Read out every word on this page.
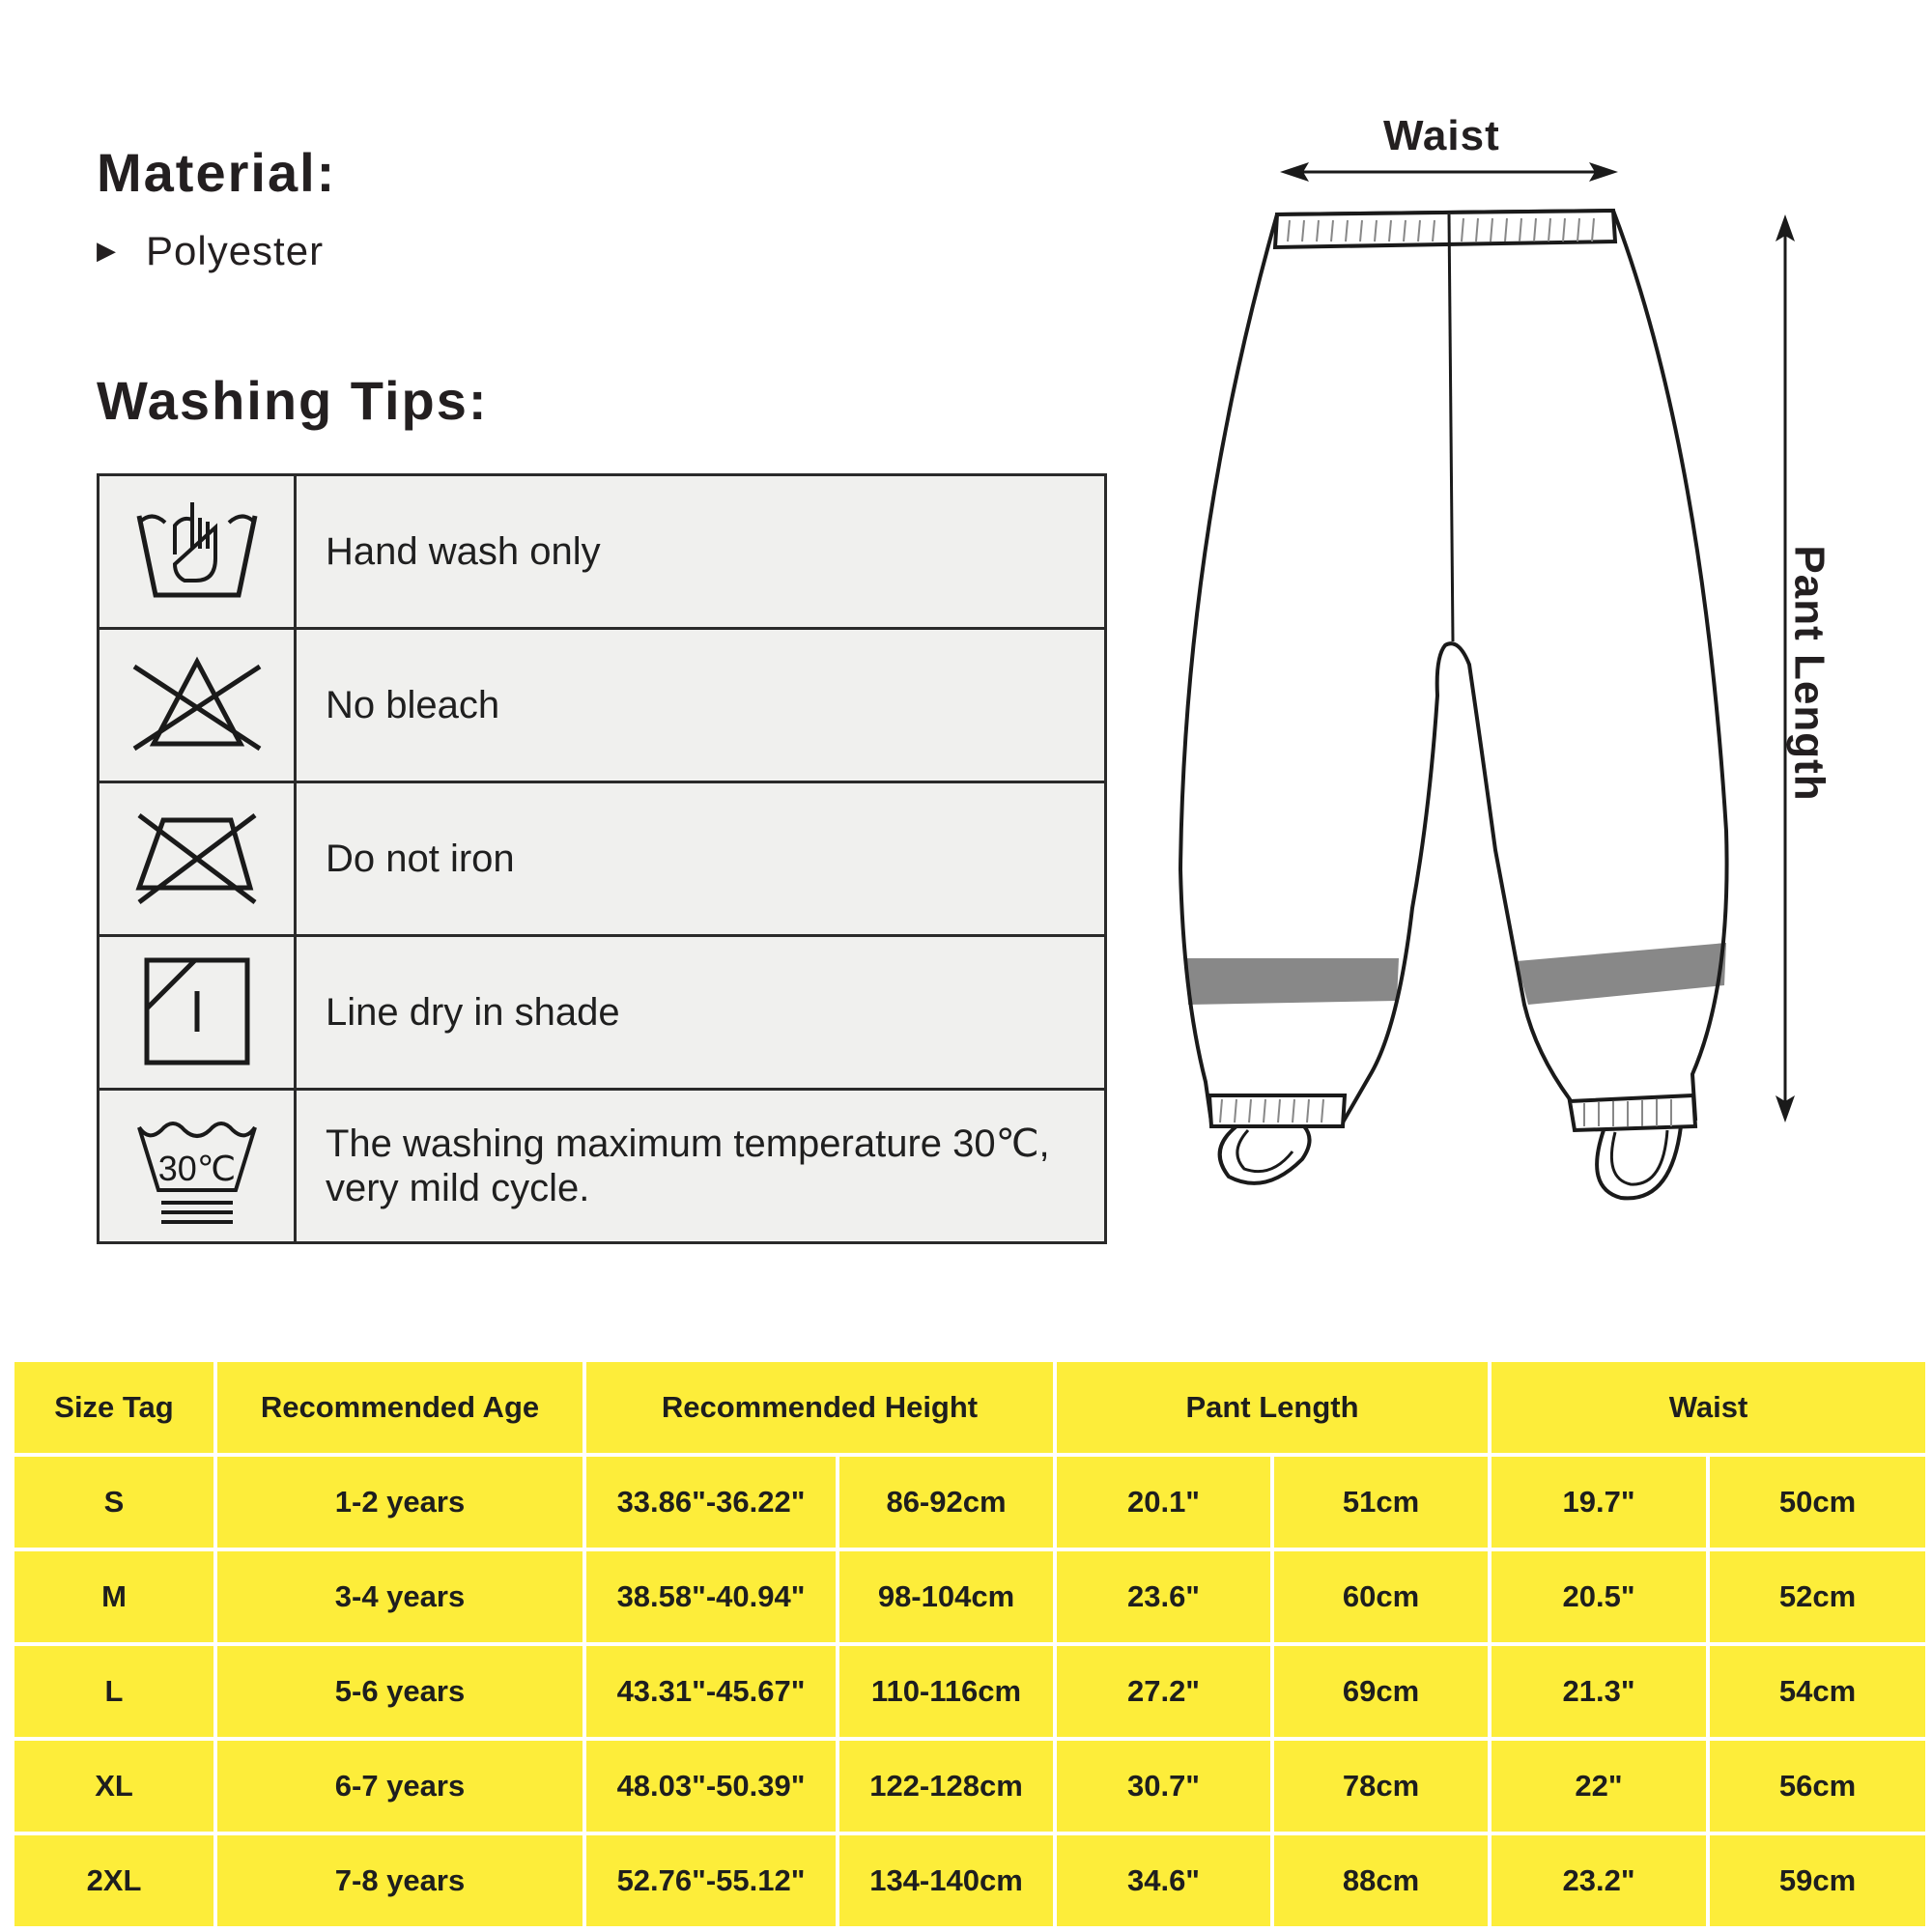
Material:
▶ Polyester
Washing Tips:
	Hand wash only

	No bleach

	Do not iron

	Line dry in shade

30℃	The washing maximum temperature 30℃,
very mild cycle.
Waist
Pant Length
Size Tag	Recommended Age	Recommended Height		Pant Length		Waist	
S	1-2 years	33.86"-36.22"	86-92cm	20.1"	51cm	19.7"	50cm
M	3-4 years	38.58"-40.94"	98-104cm	23.6"	60cm	20.5"	52cm
L	5-6 years	43.31"-45.67"	110-116cm	27.2"	69cm	21.3"	54cm
XL	6-7 years	48.03"-50.39"	122-128cm	30.7"	78cm	22"	56cm
2XL	7-8 years	52.76"-55.12"	134-140cm	34.6"	88cm	23.2"	59cm
